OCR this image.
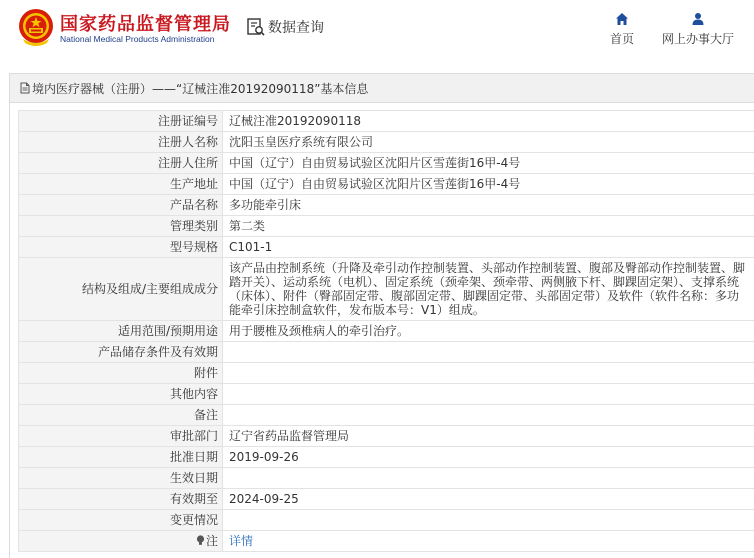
国家药品监督管理局
National Medical Products Administration
数据查询
首页 网上办事大厅
境内医疗器械（注册）——“辽械注准20192090118”基本信息
注册证编号	辽械注准20192090118
注册人名称	沈阳玉皇医疗系统有限公司
注册人住所	中国（辽宁）自由贸易试验区沈阳片区雪莲街16甲-4号
生产地址	中国（辽宁）自由贸易试验区沈阳片区雪莲街16甲-4号
产品名称	多功能牵引床
管理类别	第二类
型号规格	C101-1
结构及组成/主要组成成分	该产品由控制系统（升降及牵引动作控制装置、头部动作控制装置、腹部及臀部动作控制装置、脚踏开关）、运动系统（电机）、固定系统（颈牵架、颈牵带、两侧腋下杆、脚踝固定架）、支撑系统（床体）、附件（臀部固定带、腹部固定带、脚踝固定带、头部固定带）及软件（软件名称：多功能牵引床控制盒软件，发布版本号：V1）组成。
适用范围/预期用途	用于腰椎及颈椎病人的牵引治疗。
产品储存条件及有效期	
附件	
其他内容	
备注	
审批部门	辽宁省药品监督管理局
批准日期	2019-09-26
生效日期	
有效期至	2024-09-25
变更情况	
注	详情
